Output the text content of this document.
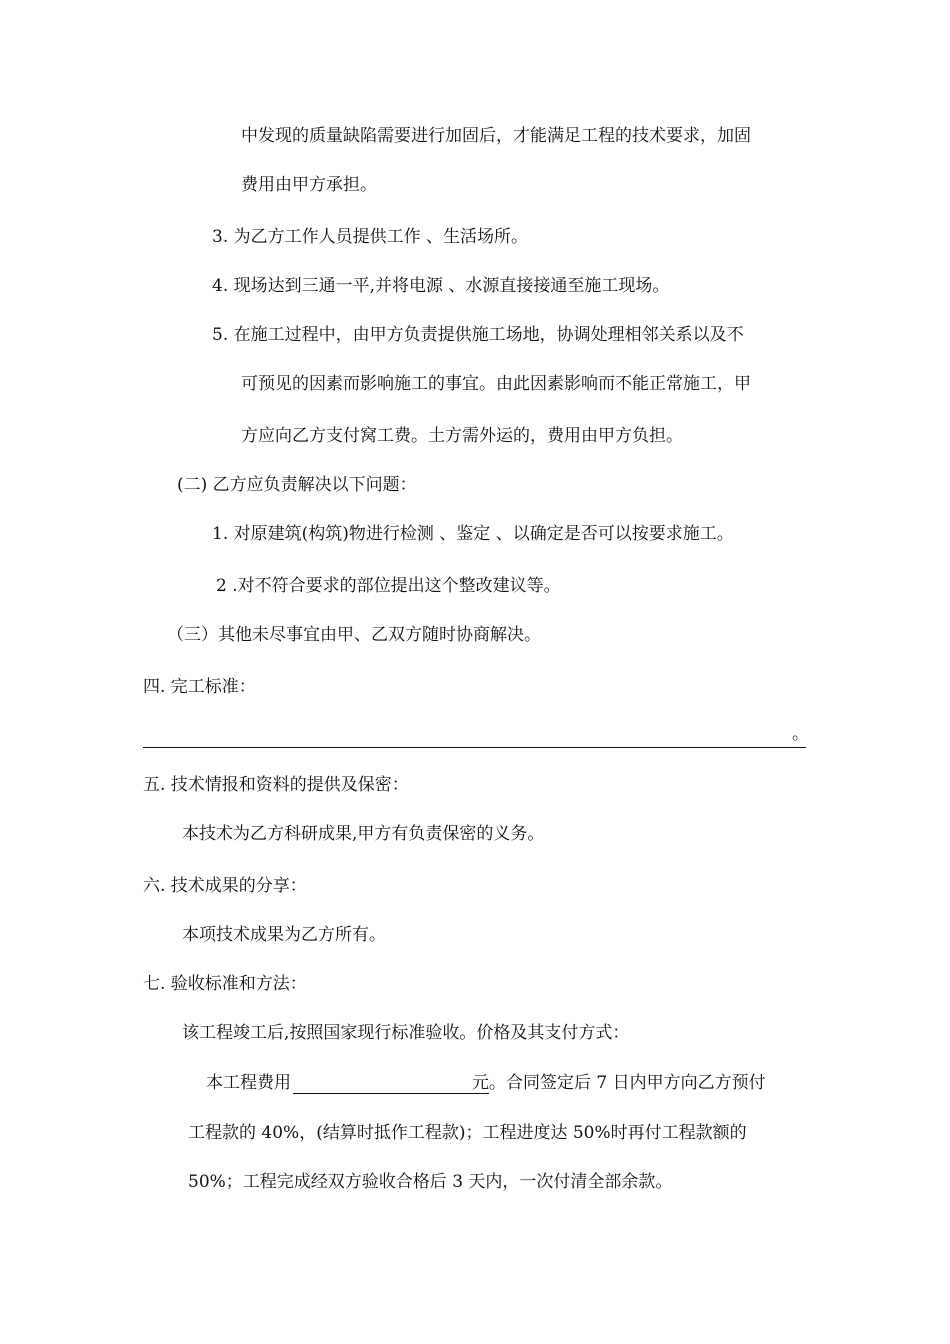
中发现的质量缺陷需要进行加固后，才能满足工程的技术要求，加固
费用由甲方承担。
3. 为乙方工作人员提供工作 、生活场所。
4. 现场达到三通一平,并将电源 、水源直接接通至施工现场。
5. 在施工过程中，由甲方负责提供施工场地，协调处理相邻关系以及不
可预见的因素而影响施工的事宜。由此因素影响而不能正常施工，甲
方应向乙方支付窝工费。土方需外运的，费用由甲方负担。
(二) 乙方应负责解决以下问题：
1. 对原建筑(构筑)物进行检测 、鉴定 、以确定是否可以按要求施工。
2 .对不符合要求的部位提出这个整改建议等。
（三）其他未尽事宜由甲、乙双方随时协商解决。
四. 完工标准：
。
五. 技术情报和资料的提供及保密：
本技术为乙方科研成果,甲方有负责保密的义务。
六. 技术成果的分享：
本项技术成果为乙方所有。
七. 验收标准和方法：
该工程竣工后,按照国家现行标准验收。价格及其支付方式：
本工程费用	元。合同签定后 7 日内甲方向乙方预付
工程款的 40%，(结算时抵作工程款)；工程进度达 50%时再付工程款额的
50%；工程完成经双方验收合格后 3 天内，一次付清全部余款。
